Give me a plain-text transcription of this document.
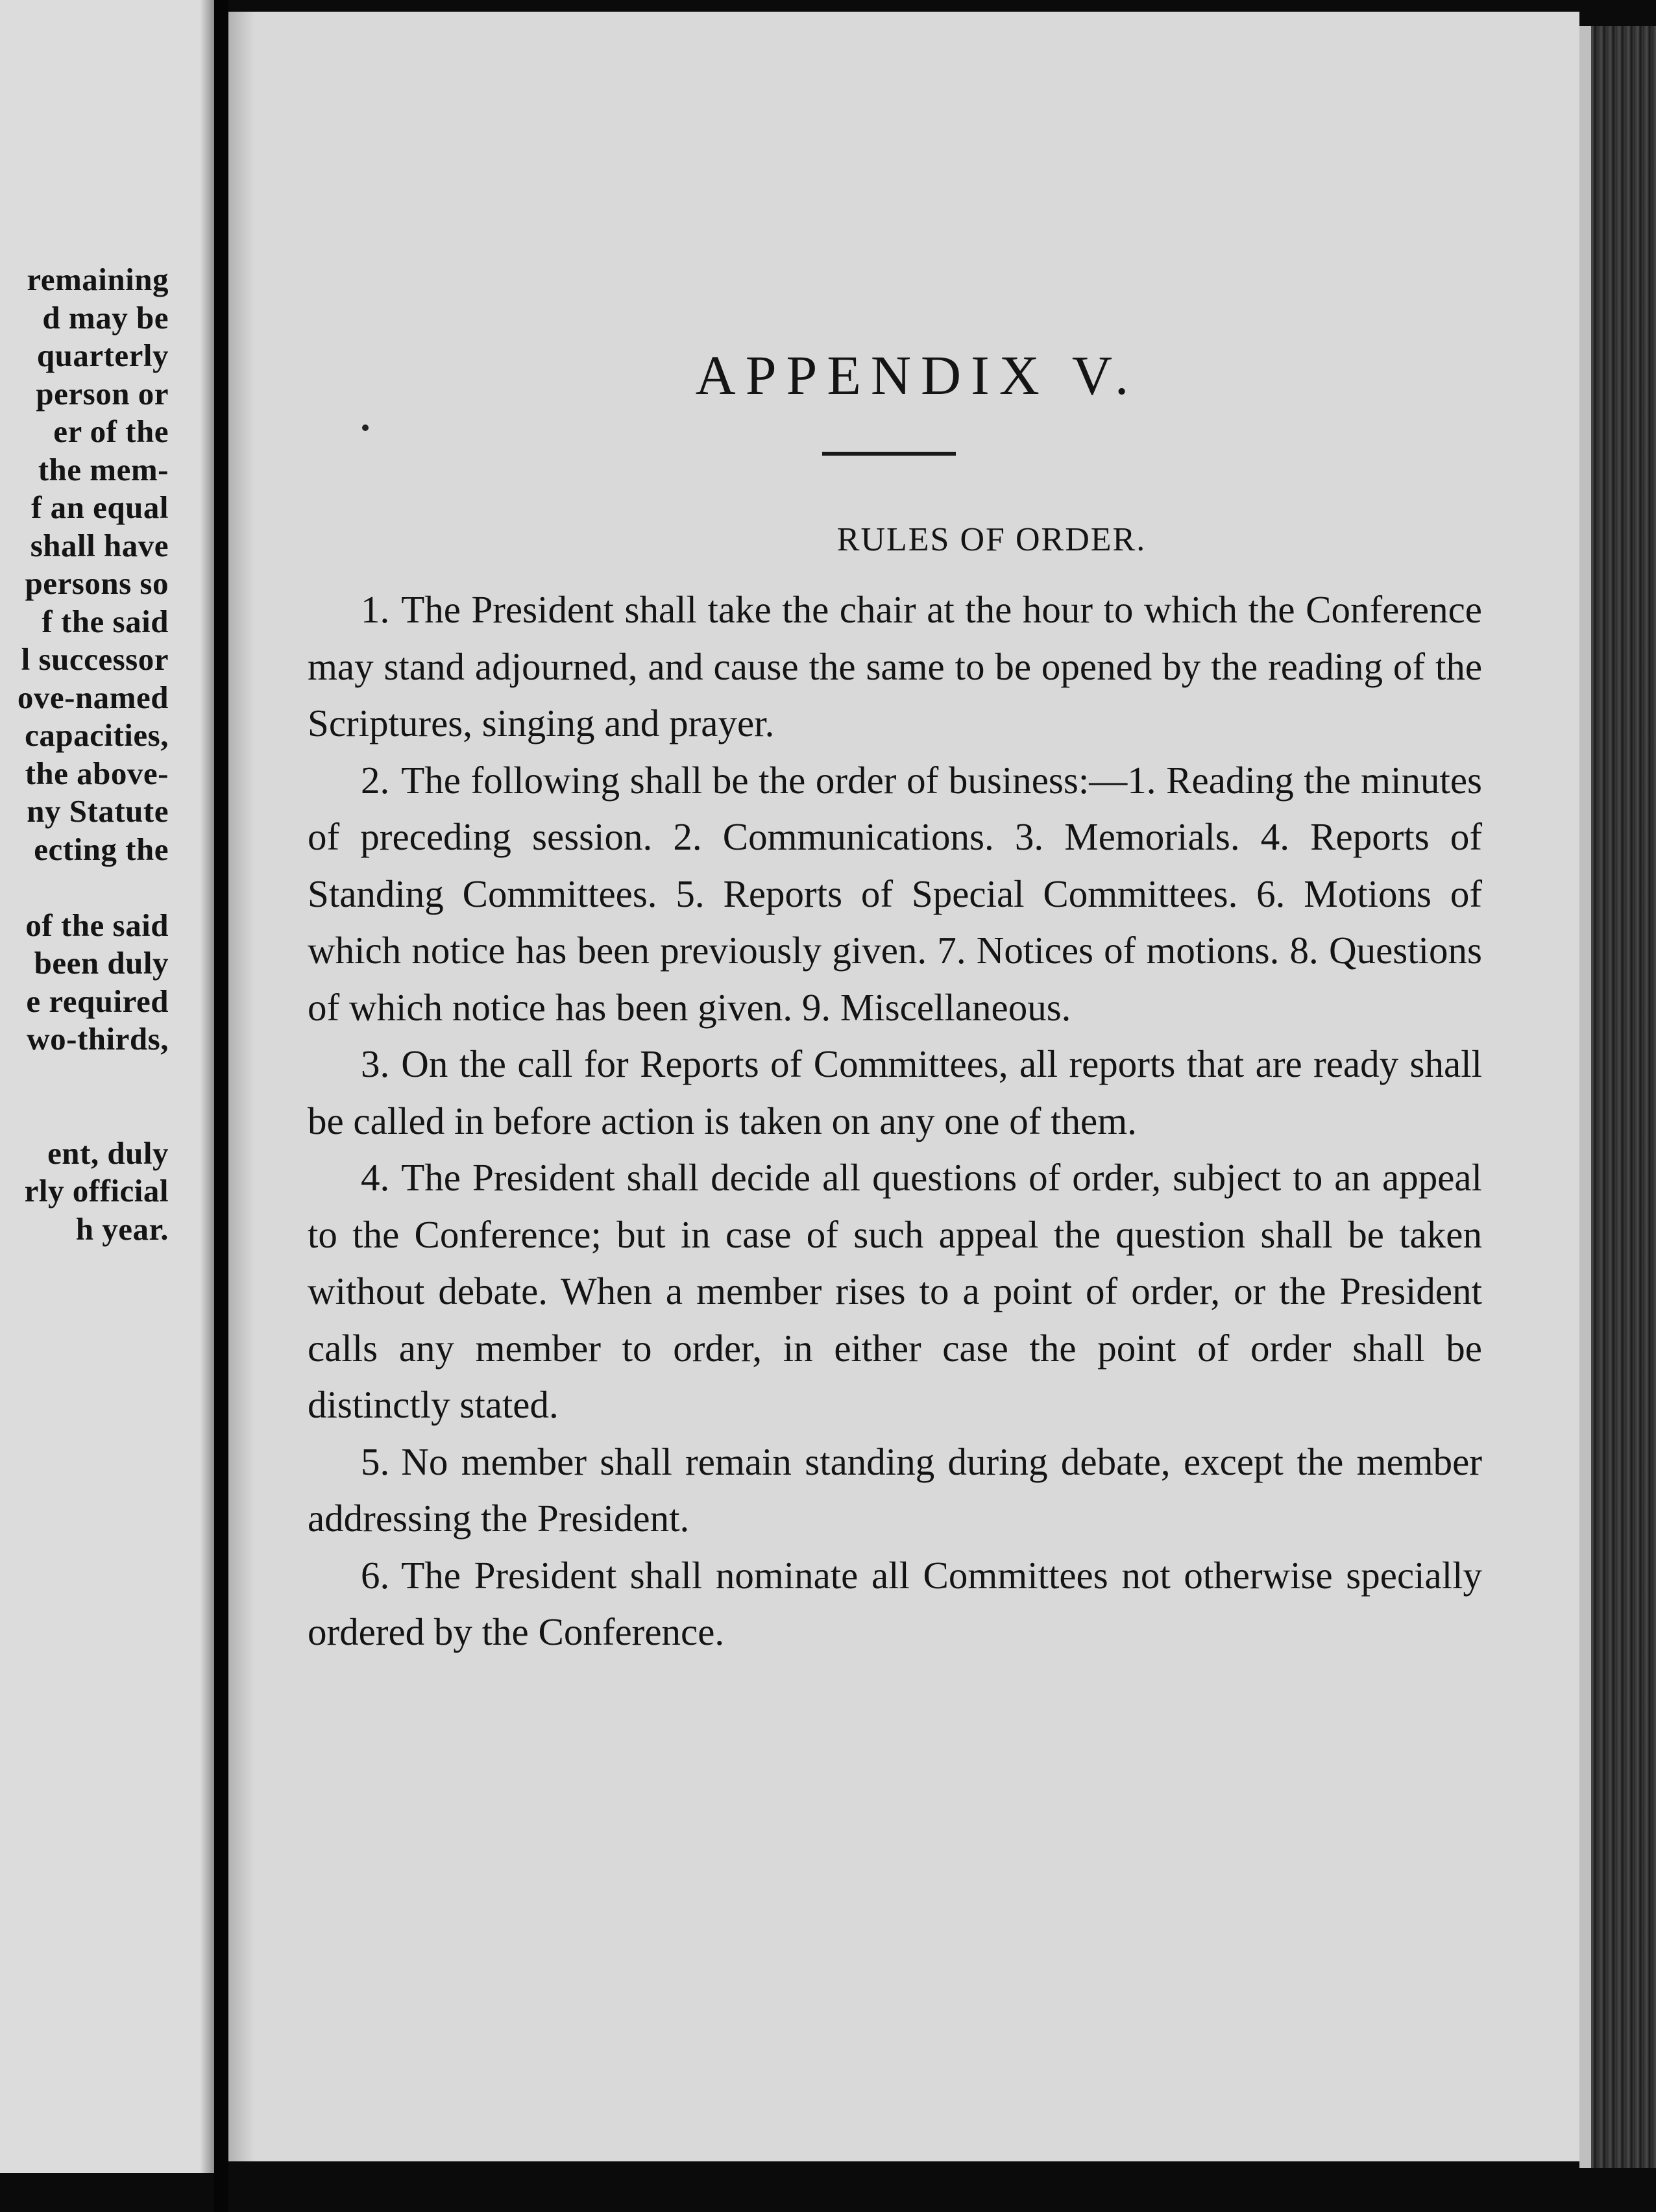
remaining
d may be
quarterly
person or
er of the
the mem-
f an equal
shall have
persons so
f the said
l successor
ove-named
capacities,
the above-
ny Statute
ecting the
of the said
been duly
e required
wo-thirds,
ent, duly
rly official
h year.
APPENDIX V.
RULES OF ORDER.

1. The President shall take the chair at the hour to which the Conference may stand adjourned, and cause the same to be opened by the reading of the Scriptures, singing and prayer.

2. The following shall be the order of business:—1. Reading the minutes of preceding session. 2. Communications. 3. Memorials. 4. Reports of Standing Committees. 5. Reports of Special Committees. 6. Motions of which notice has been previously given. 7. Notices of motions. 8. Questions of which notice has been given. 9. Miscellaneous.

3. On the call for Reports of Committees, all reports that are ready shall be called in before action is taken on any one of them.

4. The President shall decide all questions of order, subject to an appeal to the Conference; but in case of such appeal the question shall be taken without debate. When a member rises to a point of order, or the President calls any member to order, in either case the point of order shall be distinctly stated.

5. No member shall remain standing during debate, except the member addressing the President.

6. The President shall nominate all Committees not otherwise specially ordered by the Conference.
